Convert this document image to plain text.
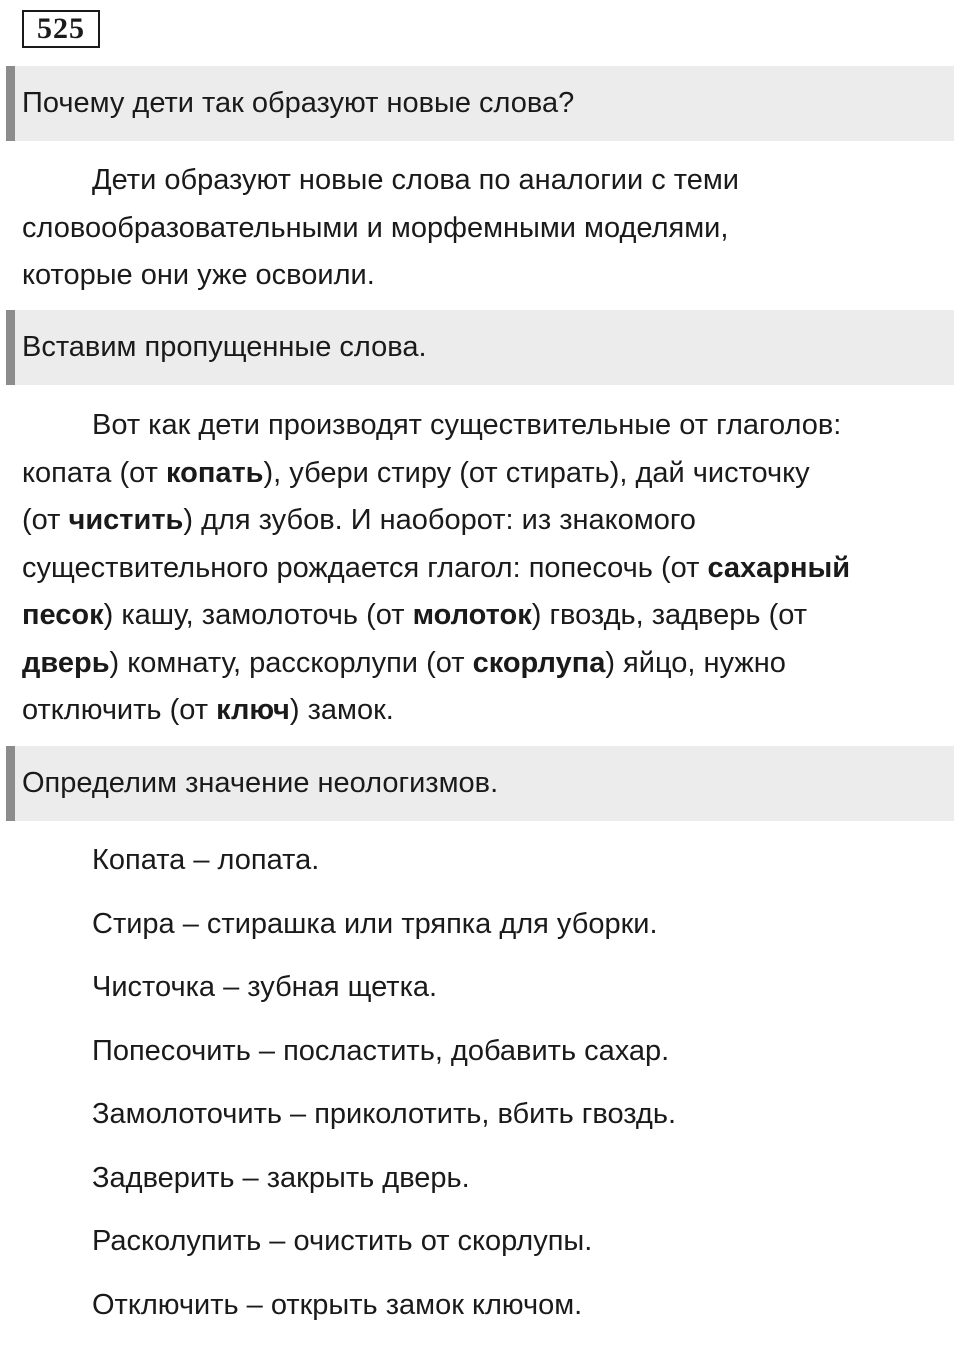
525
Почему дети так образуют новые слова?

Дети образуют новые слова по аналогии с теми
словообразовательными и морфемными моделями,
которые они уже освоили.

Вставим пропущенные слова.

Вот как дети производят существительные от глаголов:
копата (от копать), убери стиру (от стирать), дай чисточку
(от чистить) для зубов. И наоборот: из знакомого
существительного рождается глагол: попесочь (от сахарный
песок) кашу, замолоточь (от молоток) гвоздь, задверь (от
дверь) комнату, расскорлупи (от скорлупа) яйцо, нужно
отключить (от ключ) замок.

Определим значение неологизмов.
Копата – лопата.
Стира – стирашка или тряпка для уборки.
Чисточка – зубная щетка.
Попесочить – посластить, добавить сахар.
Замолоточить – приколотить, вбить гвоздь.
Задверить – закрыть дверь.
Расколупить – очистить от скорлупы.
Отключить – открыть замок ключом.
